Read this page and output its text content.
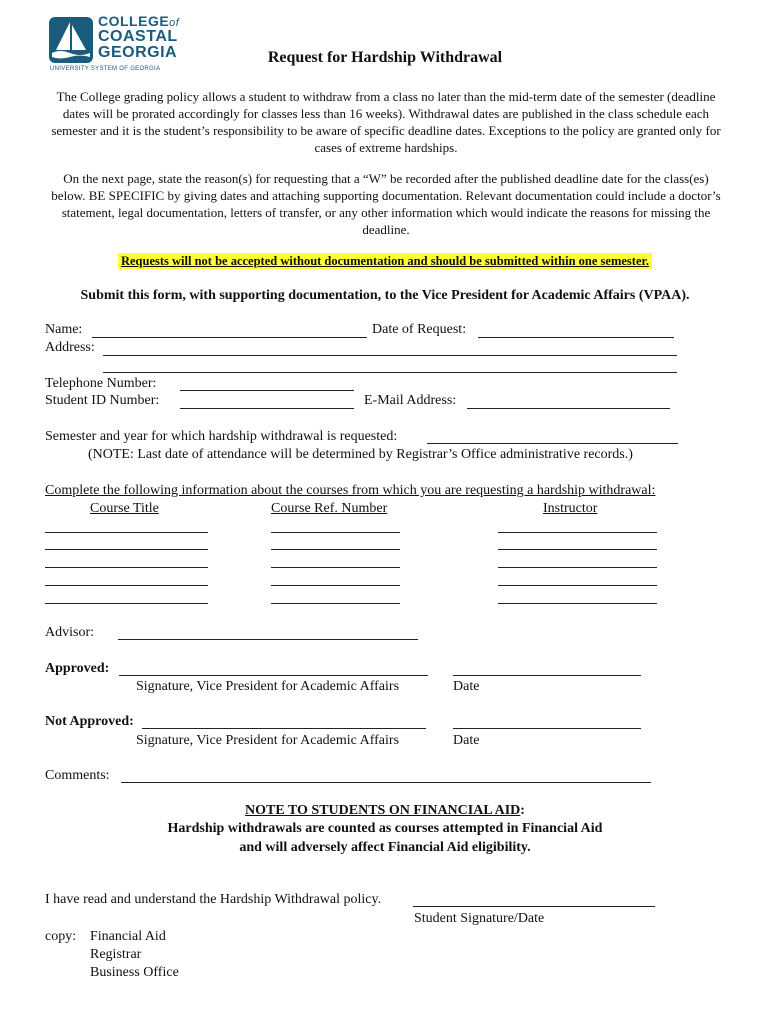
COLLEGEof
COASTAL
GEORGIA
UNIVERSITY SYSTEM OF GEORGIA
Request for Hardship Withdrawal
The College grading policy allows a student to withdraw from a class no later than the mid-term date of the semester (deadline dates will be prorated accordingly for classes less than 16 weeks). Withdrawal dates are published in the class schedule each semester and it is the student’s responsibility to be aware of specific deadline dates. Exceptions to the policy are granted only for cases of extreme hardships.
On the next page, state the reason(s) for requesting that a “W” be recorded after the published deadline date for the class(es) below. BE SPECIFIC by giving dates and attaching supporting documentation. Relevant documentation could include a doctor’s statement, legal documentation, letters of transfer, or any other information which would indicate the reasons for missing the deadline.
Requests will not be accepted without documentation and should be submitted within one semester.
Submit this form, with supporting documentation, to the Vice President for Academic Affairs (VPAA).
Name:	Date of Request:
Address:
Telephone Number:
Student ID Number:	E-Mail Address:
Semester and year for which hardship withdrawal is requested:
(NOTE: Last date of attendance will be determined by Registrar’s Office administrative records.)
Complete the following information about the courses from which you are requesting a hardship withdrawal:
Course Title	Course Ref. Number	Instructor
Advisor:
Approved:
Signature, Vice President for Academic Affairs	Date
Not Approved:
Signature, Vice President for Academic Affairs	Date
Comments:
NOTE TO STUDENTS ON FINANCIAL AID:
Hardship withdrawals are counted as courses attempted in Financial Aid
and will adversely affect Financial Aid eligibility.
I have read and understand the Hardship Withdrawal policy.
Student Signature/Date
copy: Financial Aid
Registrar
Business Office
